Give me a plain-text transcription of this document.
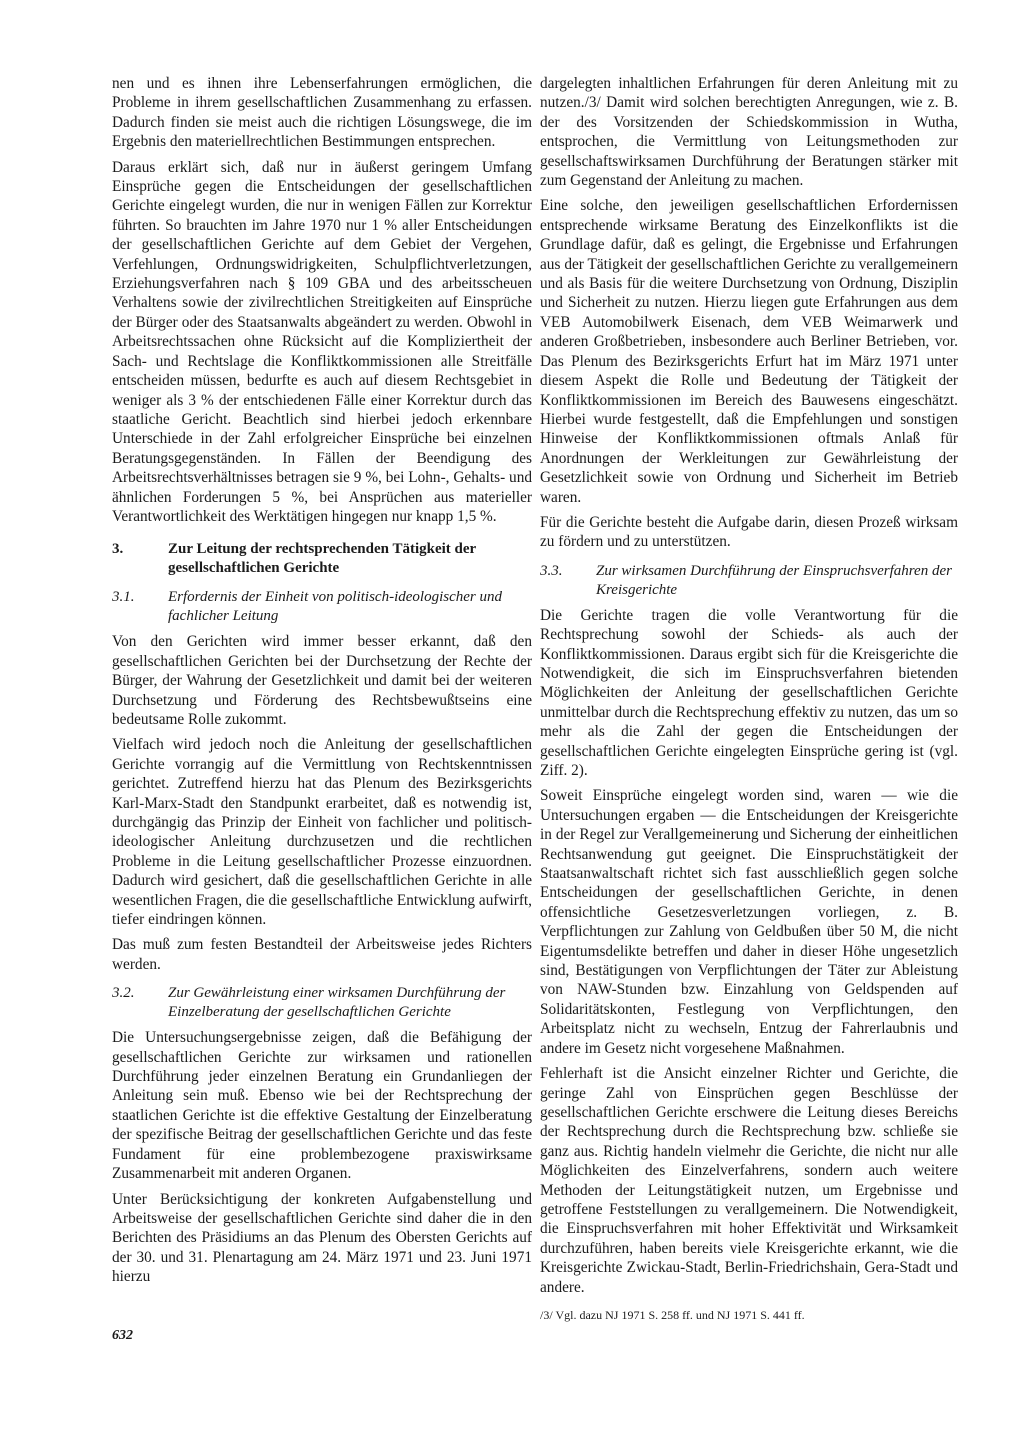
nen und es ihnen ihre Lebenserfahrungen ermöglichen, die Probleme in ihrem gesellschaftlichen Zusammenhang zu erfassen. Dadurch finden sie meist auch die richtigen Lösungswege, die im Ergebnis den materiellrechtlichen Bestimmungen entsprechen.

Daraus erklärt sich, daß nur in äußerst geringem Umfang Einsprüche gegen die Entscheidungen der gesellschaftlichen Gerichte eingelegt wurden, die nur in wenigen Fällen zur Korrektur führten. So brauchten im Jahre 1970 nur 1 % aller Entscheidungen der gesellschaftlichen Gerichte auf dem Gebiet der Vergehen, Verfehlungen, Ordnungswidrigkeiten, Schulpflichtverletzungen, Erziehungsverfahren nach § 109 GBA und des arbeitsscheuen Verhaltens sowie der zivilrechtlichen Streitigkeiten auf Einsprüche der Bürger oder des Staatsanwalts abgeändert zu werden. Obwohl in Arbeitsrechtssachen ohne Rücksicht auf die Kompliziertheit der Sach- und Rechtslage die Konfliktkommissionen alle Streitfälle entscheiden müssen, bedurfte es auch auf diesem Rechtsgebiet in weniger als 3 % der entschiedenen Fälle einer Korrektur durch das staatliche Gericht. Beachtlich sind hierbei jedoch erkennbare Unterschiede in der Zahl erfolgreicher Einsprüche bei einzelnen Beratungsgegenständen. In Fällen der Beendigung des Arbeitsrechtsverhältnisses betragen sie 9 %, bei Lohn-, Gehalts- und ähnlichen Forderungen 5 %, bei Ansprüchen aus materieller Verantwortlichkeit des Werktätigen hingegen nur knapp 1,5 %.

3.	Zur Leitung der rechtsprechenden Tätigkeit der gesellschaftlichen Gerichte
3.1.	Erfordernis der Einheit von politisch-ideologischer und fachlicher Leitung

Von den Gerichten wird immer besser erkannt, daß den gesellschaftlichen Gerichten bei der Durchsetzung der Rechte der Bürger, der Wahrung der Gesetzlichkeit und damit bei der weiteren Durchsetzung und Förderung des Rechtsbewußtseins eine bedeutsame Rolle zukommt.

Vielfach wird jedoch noch die Anleitung der gesellschaftlichen Gerichte vorrangig auf die Vermittlung von Rechtskenntnissen gerichtet. Zutreffend hierzu hat das Plenum des Bezirksgerichts Karl-Marx-Stadt den Standpunkt erarbeitet, daß es notwendig ist, durchgängig das Prinzip der Einheit von fachlicher und politisch-ideologischer Anleitung durchzusetzen und die rechtlichen Probleme in die Leitung gesellschaftlicher Prozesse einzuordnen. Dadurch wird gesichert, daß die gesellschaftlichen Gerichte in alle wesentlichen Fragen, die die gesellschaftliche Entwicklung aufwirft, tiefer eindringen können.

Das muß zum festen Bestandteil der Arbeitsweise jedes Richters werden.

3.2.	Zur Gewährleistung einer wirksamen Durchführung der Einzelberatung der gesellschaftlichen Gerichte

Die Untersuchungsergebnisse zeigen, daß die Befähigung der gesellschaftlichen Gerichte zur wirksamen und rationellen Durchführung jeder einzelnen Beratung ein Grundanliegen der Anleitung sein muß. Ebenso wie bei der Rechtsprechung der staatlichen Gerichte ist die effektive Gestaltung der Einzelberatung der spezifische Beitrag der gesellschaftlichen Gerichte und das feste Fundament für eine problembezogene praxiswirksame Zusammenarbeit mit anderen Organen.

Unter Berücksichtigung der konkreten Aufgabenstellung und Arbeitsweise der gesellschaftlichen Gerichte sind daher die in den Berichten des Präsidiums an das Plenum des Obersten Gerichts auf der 30. und 31. Plenartagung am 24. März 1971 und 23. Juni 1971 hierzu

dargelegten inhaltlichen Erfahrungen für deren Anleitung mit zu nutzen./3/ Damit wird solchen berechtigten Anregungen, wie z. B. der des Vorsitzenden der Schiedskommission in Wutha, entsprochen, die Vermittlung von Leitungsmethoden zur gesellschaftswirksamen Durchführung der Beratungen stärker mit zum Gegenstand der Anleitung zu machen.

Eine solche, den jeweiligen gesellschaftlichen Erfordernissen entsprechende wirksame Beratung des Einzelkonflikts ist die Grundlage dafür, daß es gelingt, die Ergebnisse und Erfahrungen aus der Tätigkeit der gesellschaftlichen Gerichte zu verallgemeinern und als Basis für die weitere Durchsetzung von Ordnung, Disziplin und Sicherheit zu nutzen. Hierzu liegen gute Erfahrungen aus dem VEB Automobilwerk Eisenach, dem VEB Weimarwerk und anderen Großbetrieben, insbesondere auch Berliner Betrieben, vor. Das Plenum des Bezirksgerichts Erfurt hat im März 1971 unter diesem Aspekt die Rolle und Bedeutung der Tätigkeit der Konfliktkommissionen im Bereich des Bauwesens eingeschätzt. Hierbei wurde festgestellt, daß die Empfehlungen und sonstigen Hinweise der Konfliktkommissionen oftmals Anlaß für Anordnungen der Werkleitungen zur Gewährleistung der Gesetzlichkeit sowie von Ordnung und Sicherheit im Betrieb waren.

Für die Gerichte besteht die Aufgabe darin, diesen Prozeß wirksam zu fördern und zu unterstützen.

3.3.	Zur wirksamen Durchführung der Einspruchsverfahren der Kreisgerichte

Die Gerichte tragen die volle Verantwortung für die Rechtsprechung sowohl der Schieds- als auch der Konfliktkommissionen. Daraus ergibt sich für die Kreisgerichte die Notwendigkeit, die sich im Einspruchsverfahren bietenden Möglichkeiten der Anleitung der gesellschaftlichen Gerichte unmittelbar durch die Rechtsprechung effektiv zu nutzen, das um so mehr als die Zahl der gegen die Entscheidungen der gesellschaftlichen Gerichte eingelegten Einsprüche gering ist (vgl. Ziff. 2).

Soweit Einsprüche eingelegt worden sind, waren — wie die Untersuchungen ergaben — die Entscheidungen der Kreisgerichte in der Regel zur Verallgemeinerung und Sicherung der einheitlichen Rechtsanwendung gut geeignet. Die Einspruchstätigkeit der Staatsanwaltschaft richtet sich fast ausschließlich gegen solche Entscheidungen der gesellschaftlichen Gerichte, in denen offensichtliche Gesetzesverletzungen vorliegen, z. B. Verpflichtungen zur Zahlung von Geldbußen über 50 M, die nicht Eigentumsdelikte betreffen und daher in dieser Höhe ungesetzlich sind, Bestätigungen von Verpflichtungen der Täter zur Ableistung von NAW-Stunden bzw. Einzahlung von Geldspenden auf Solidaritätskonten, Festlegung von Verpflichtungen, den Arbeitsplatz nicht zu wechseln, Entzug der Fahrerlaubnis und andere im Gesetz nicht vorgesehene Maßnahmen.

Fehlerhaft ist die Ansicht einzelner Richter und Gerichte, die geringe Zahl von Einsprüchen gegen Beschlüsse der gesellschaftlichen Gerichte erschwere die Leitung dieses Bereichs der Rechtsprechung durch die Rechtsprechung bzw. schließe sie ganz aus. Richtig handeln vielmehr die Gerichte, die nicht nur alle Möglichkeiten des Einzelverfahrens, sondern auch weitere Methoden der Leitungstätigkeit nutzen, um Ergebnisse und getroffene Feststellungen zu verallgemeinern. Die Notwendigkeit, die Einspruchsverfahren mit hoher Effektivität und Wirksamkeit durchzuführen, haben bereits viele Kreisgerichte erkannt, wie die Kreisgerichte Zwickau-Stadt, Berlin-Friedrichshain, Gera-Stadt und andere.

/3/ Vgl. dazu NJ 1971 S. 258 ff. und NJ 1971 S. 441 ff.
632
